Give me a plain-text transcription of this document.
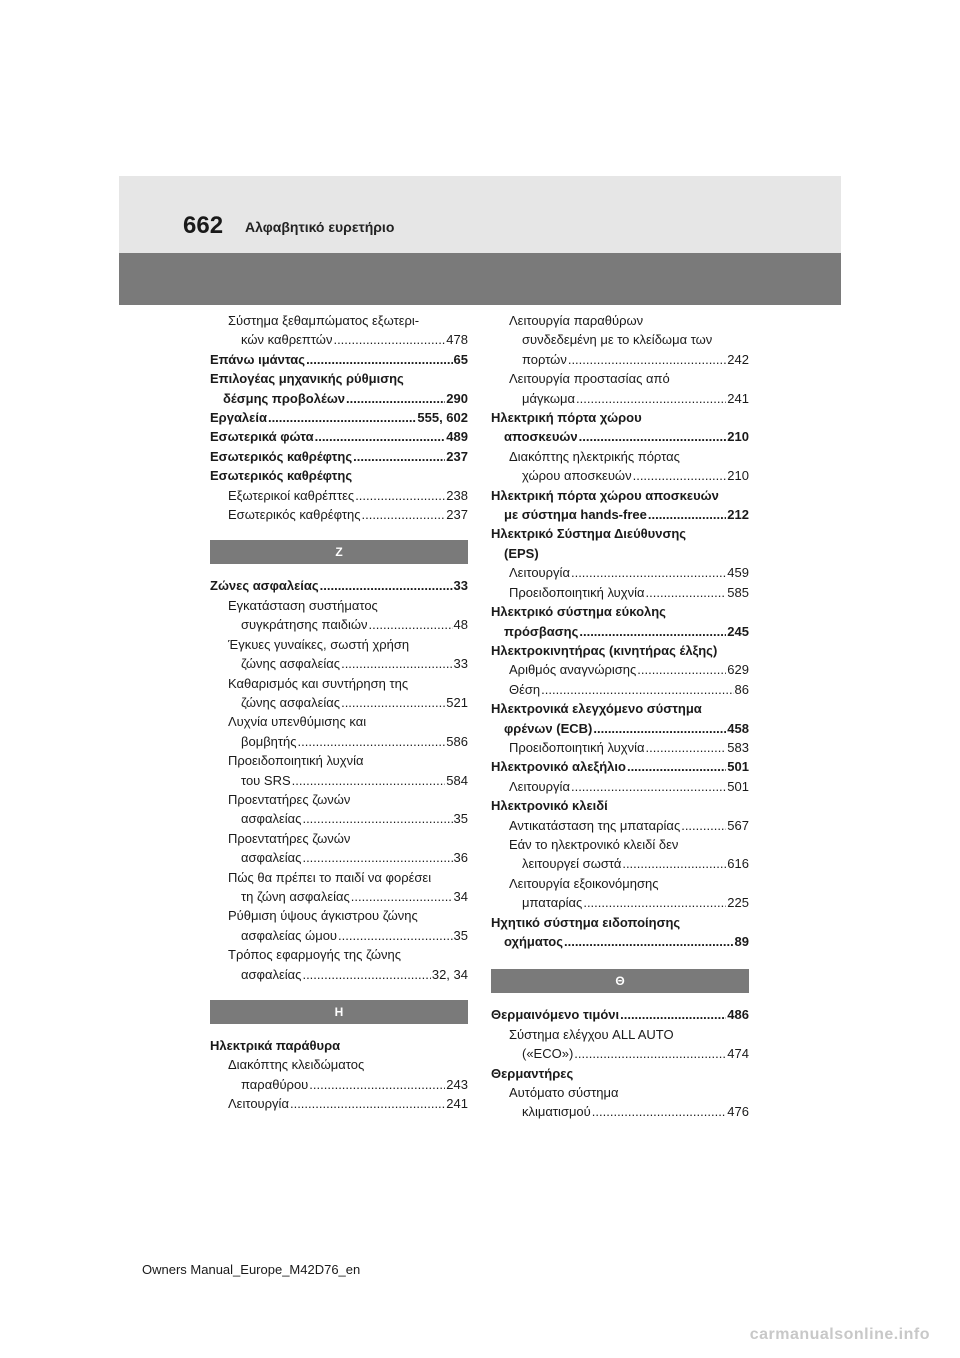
662 Αλφαβητικό ευρετήριο
Σύστημα ξεθαμπώματος εξωτερι-
κών καθρεπτών .....	478
Επάνω ιμάντας .....	65
Επιλογέας μηχανικής ρύθμισης
δέσμης προβολέων .....	290
Εργαλεία .....	555, 602
Εσωτερικά φώτα .....	489
Εσωτερικός καθρέφτης .....	237
Εσωτερικός καθρέφτης
Εξωτερικοί καθρέπτες .....	238
Εσωτερικός καθρέφτης .....	237
Z
Ζώνες ασφαλείας .....	33
Εγκατάσταση συστήματος
συγκράτησης παιδιών .....	48
Έγκυες γυναίκες, σωστή χρήση
ζώνης ασφαλείας .....	33
Καθαρισμός και συντήρηση της
ζώνης ασφαλείας .....	521
Λυχνία υπενθύμισης και
βομβητής .....	586
Προειδοποιητική λυχνία
του SRS .....	584
Προεντατήρες ζωνών
ασφαλείας .....	35
Προεντατήρες ζωνών
ασφαλείας .....	36
Πώς θα πρέπει το παιδί να φορέσει
τη ζώνη ασφαλείας .....	34
Ρύθμιση ύψους άγκιστρου ζώνης
ασφαλείας ώμου .....	35
Τρόπος εφαρμογής της ζώνης
ασφαλείας .....	32, 34
H
Ηλεκτρικά παράθυρα
Διακόπτης κλειδώματος
παραθύρου .....	243
Λειτουργία .....	241
Λειτουργία παραθύρων
συνδεδεμένη με το κλείδωμα των
πορτών .....	242
Λειτουργία προστασίας από
μάγκωμα .....	241
Ηλεκτρική πόρτα χώρου
αποσκευών .....	210
Διακόπτης ηλεκτρικής πόρτας
χώρου αποσκευών .....	210
Ηλεκτρική πόρτα χώρου αποσκευών
με σύστημα hands-free .....	212
Ηλεκτρικό Σύστημα Διεύθυνσης
(EPS)
Λειτουργία .....	459
Προειδοποιητική λυχνία .....	585
Ηλεκτρικό σύστημα εύκολης
πρόσβασης .....	245
Ηλεκτροκινητήρας (κινητήρας έλξης)
Αριθμός αναγνώρισης .....	629
Θέση .....	86
Ηλεκτρονικά ελεγχόμενο σύστημα
φρένων (ECB) .....	458
Προειδοποιητική λυχνία .....	583
Ηλεκτρονικό αλεξήλιο .....	501
Λειτουργία .....	501
Ηλεκτρονικό κλειδί
Αντικατάσταση της μπαταρίας .....	567
Εάν το ηλεκτρονικό κλειδί δεν
λειτουργεί σωστά .....	616
Λειτουργία εξοικονόμησης
μπαταρίας .....	225
Ηχητικό σύστημα ειδοποίησης
οχήματος .....	89
Θ
Θερμαινόμενο τιμόνι .....	486
Σύστημα ελέγχου ALL AUTO
(«ECO») .....	474
Θερμαντήρες
Αυτόματο σύστημα
κλιματισμού .....	476
Owners Manual_Europe_M42D76_en
carmanualsonline.info
